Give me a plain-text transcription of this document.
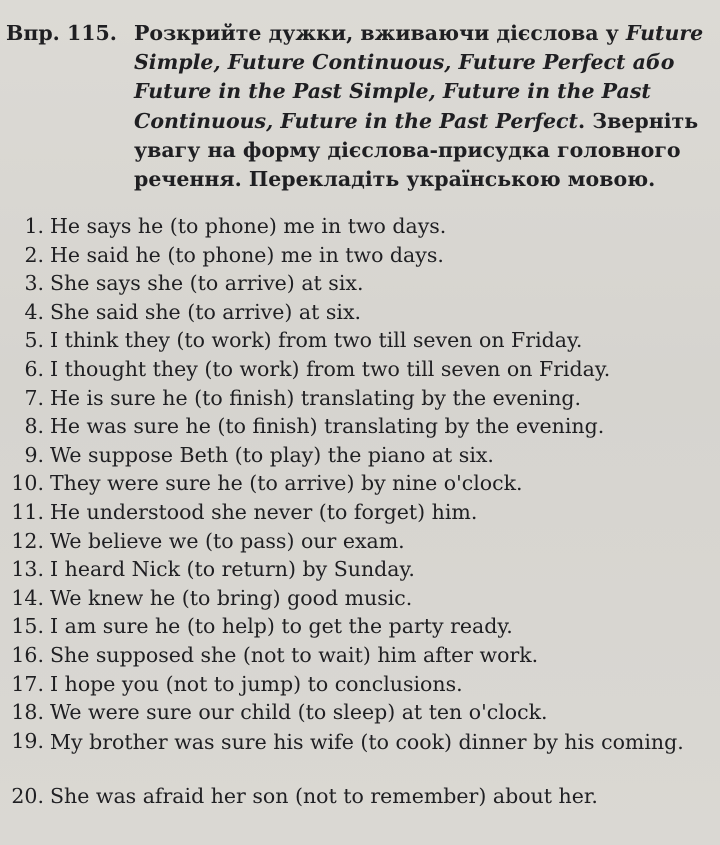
Впр. 115. Розкрийте дужки, вживаючи дієслова у Future
Simple, Future Continuous, Future Perfect або
Future in the Past Simple, Future in the Past
Continuous, Future in the Past Perfect. Зверніть
увагу на форму дієслова-присудка головного
речення. Перекладіть українською мовою.
1. He says he (to phone) me in two days.
2. He said he (to phone) me in two days.
3. She says she (to arrive) at six.
4. She said she (to arrive) at six.
5. I think they (to work) from two till seven on Friday.
6. I thought they (to work) from two till seven on Friday.
7. He is sure he (to finish) translating by the evening.
8. He was sure he (to finish) translating by the evening.
9. We suppose Beth (to play) the piano at six.
10. They were sure he (to arrive) by nine o'clock.
11. He understood she never (to forget) him.
12. We believe we (to pass) our exam.
13. I heard Nick (to return) by Sunday.
14. We knew he (to bring) good music.
15. I am sure he (to help) to get the party ready.
16. She supposed she (not to wait) him after work.
17. I hope you (not to jump) to conclusions.
18. We were sure our child (to sleep) at ten o'clock.
19. My brother was sure his wife (to cook) dinner by his coming.
20. She was afraid her son (not to remember) about her.
